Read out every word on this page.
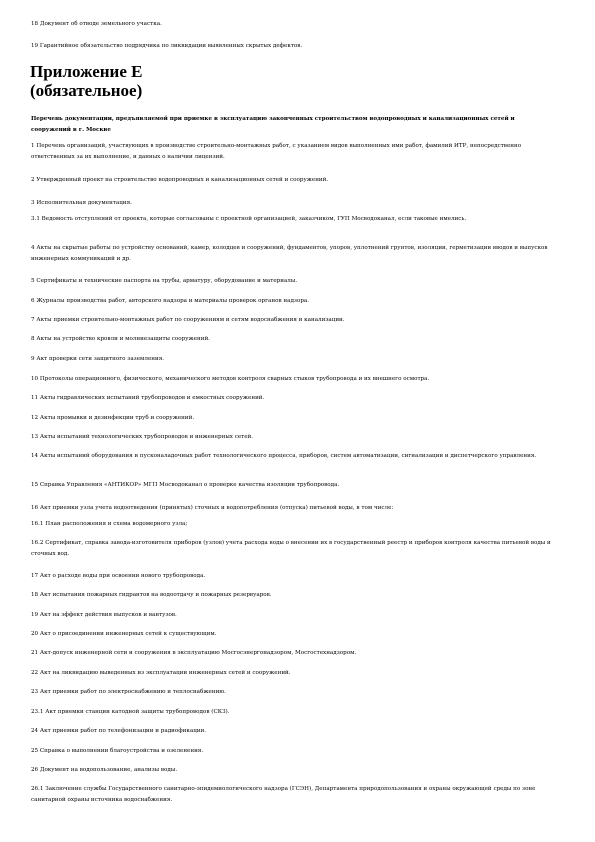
18 Документ об отводе земельного участка.

19 Гарантийное обязательство подрядчика по ликвидации выявленных скрытых дефектов.

Приложение Е
(обязательное)

Перечень документации, предъявляемой при приемке в эксплуатацию законченных строительством водопроводных и канализационных сетей и сооружений в г. Москве

1 Перечень организаций, участвующих в производстве строительно-монтажных работ, с указанием видов выполненных ими работ, фамилий ИТР, непосредственно ответственных за их выполнение, и данных о наличии лицензий.

2 Утвержденный проект на строительство водопроводных и канализационных сетей и сооружений.

3 Исполнительная документация.

3.1 Ведомость отступлений от проекта, которые согласованы с проектной организацией, заказчиком, ГУП Мосводоканал, если таковые имелись.

4 Акты на скрытые работы по устройству оснований, камер, колодцев и сооружений, фундаментов, упоров, уплотнений грунтов, изоляции, герметизации вводов и выпусков инженерных коммуникаций и др.

5 Сертификаты и технические паспорта на трубы, арматуру, оборудование и материалы.

6 Журналы производства работ, авторского надзора и материалы проверок органов надзора.

7 Акты приемки строительно-монтажных работ по сооружениям и сетям водоснабжения и канализации.

8 Акты на устройство кровли и молниезащиты сооружений.

9 Акт проверки сети защитного заземления.

10 Протоколы операционного, физического, механического методов контроля сварных стыков трубопровода и их внешнего осмотра.

11 Акты гидравлических испытаний трубопроводов и емкостных сооружений.

12 Акты промывки и дезинфекции труб и сооружений.

13 Акты испытаний технологических трубопроводов и инженерных сетей.

14 Акты испытаний оборудования и пусконаладочных работ технологического процесса, приборов, систем автоматизации, сигнализации и диспетчерского управления.

15 Справка Управления «АНТИКОР» МГП Мосводоканал о проверке качества изоляции трубопровода.

16 Акт приемки узла учета водоотведения (принятых) сточных и водопотребления (отпуска) питьевой воды, в том числе:

16.1 План расположения и схема водомерного узла;

16.2 Сертификат, справка завода-изготовителя приборов (узлов) учета расхода воды о внесении их в государственный реестр и приборов контроля качества питьевой воды и сточных вод.

17 Акт о расходе воды при освоении нового трубопровода.

18 Акт испытания пожарных гидрантов на водоотдачу и пожарных резервуаров.

19 Акт на эффект действия выпусков и вантузов.

20 Акт о присоединении инженерных сетей к существующим.

21 Акт-допуск инженерной сети и сооружения в эксплуатацию Мосгосэнергонадзором, Мосгостехнадзором.

22 Акт на ликвидацию выведенных из эксплуатации инженерных сетей и сооружений.

23 Акт приемки работ по электроснабжению и теплоснабжению.

23.1 Акт приемки станции катодной защиты трубопроводов (СКЗ).

24 Акт приемки работ по телефонизации и радиофикации.

25 Справка о выполнении благоустройства и озеленения.

26 Документ на водопользование, анализы воды.

26.1 Заключение службы Государственного санитарно-эпидемиологического надзора (ГСЭН), Департамента природопользования и охраны окружающей среды по зоне санитарной охраны источника водоснабжения.
